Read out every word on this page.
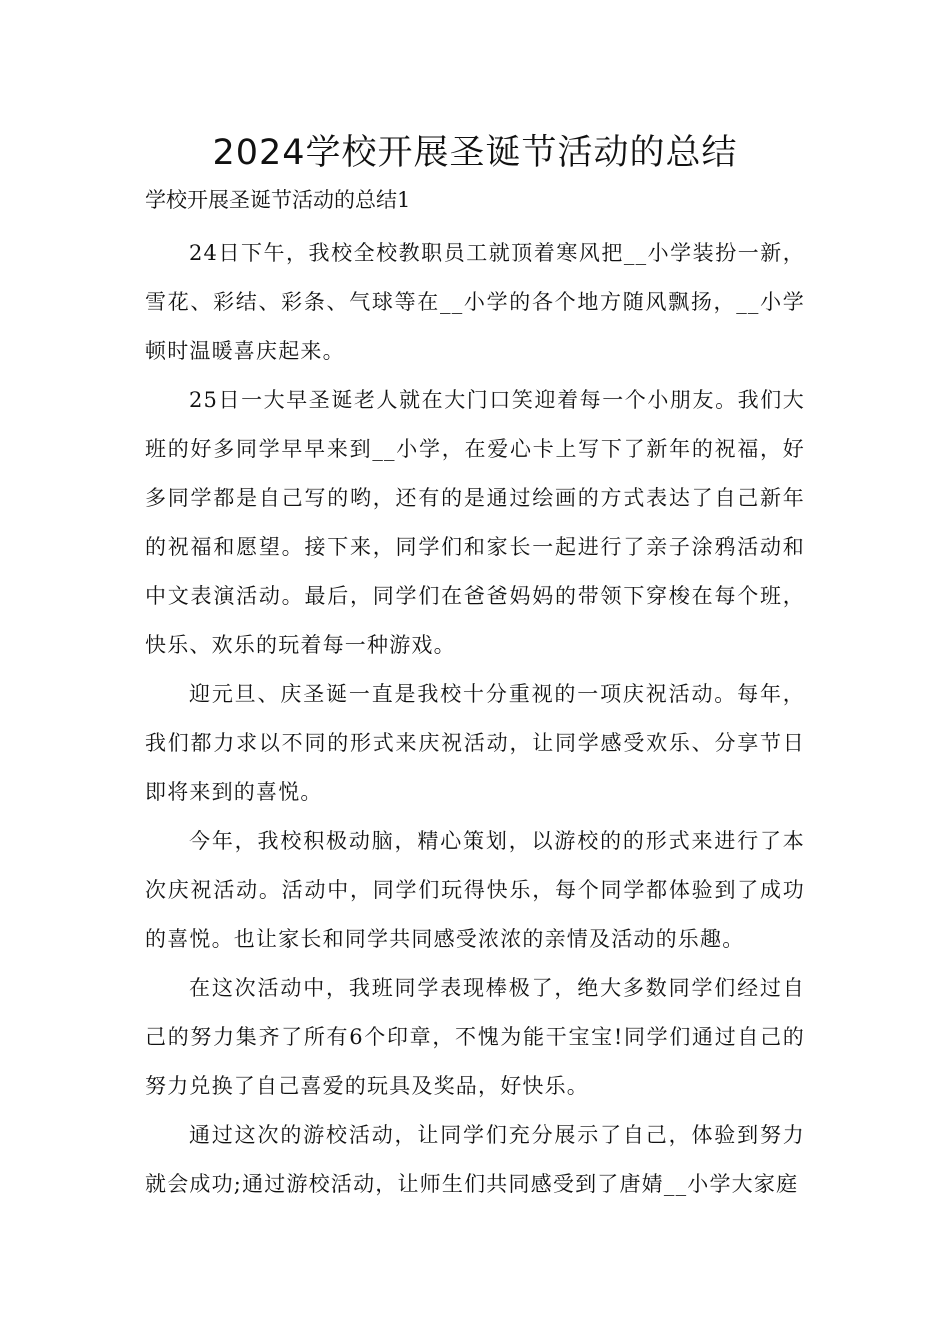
2024学校开展圣诞节活动的总结

学校开展圣诞节活动的总结1

24日下午，我校全校教职员工就顶着寒风把__小学装扮一新，雪花、彩结、彩条、气球等在__小学的各个地方随风飘扬，__小学顿时温暖喜庆起来。

25日一大早圣诞老人就在大门口笑迎着每一个小朋友。我们大班的好多同学早早来到__小学，在爱心卡上写下了新年的祝福，好多同学都是自己写的哟，还有的是通过绘画的方式表达了自己新年的祝福和愿望。接下来，同学们和家长一起进行了亲子涂鸦活动和中文表演活动。最后，同学们在爸爸妈妈的带领下穿梭在每个班，快乐、欢乐的玩着每一种游戏。

迎元旦、庆圣诞一直是我校十分重视的一项庆祝活动。每年，我们都力求以不同的形式来庆祝活动，让同学感受欢乐、分享节日即将来到的喜悦。

今年，我校积极动脑，精心策划，以游校的的形式来进行了本次庆祝活动。活动中，同学们玩得快乐，每个同学都体验到了成功的喜悦。也让家长和同学共同感受浓浓的亲情及活动的乐趣。

在这次活动中，我班同学表现棒极了，绝大多数同学们经过自己的努力集齐了所有6个印章，不愧为能干宝宝!同学们通过自己的努力兑换了自己喜爱的玩具及奖品，好快乐。

通过这次的游校活动，让同学们充分展示了自己，体验到努力就会成功;通过游校活动，让师生们共同感受到了唐婧__小学大家庭
